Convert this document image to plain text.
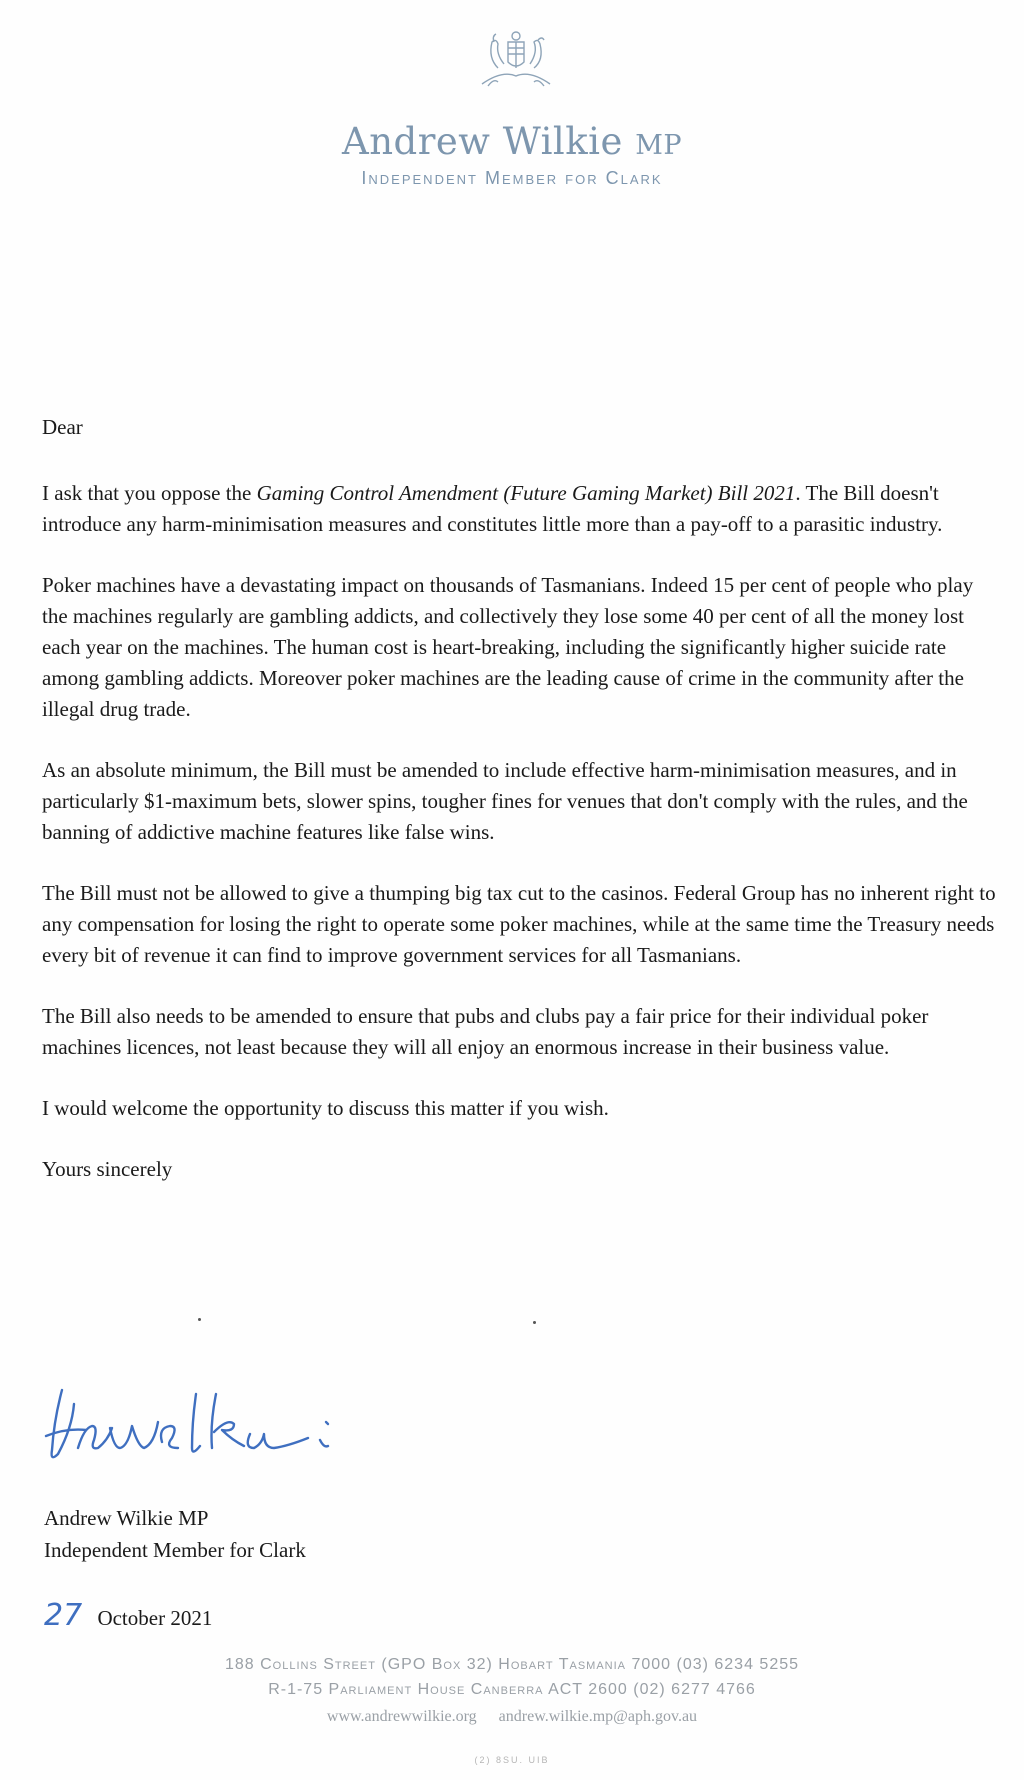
Andrew Wilkie MP
Independent Member for Clark

Dear

I ask that you oppose the Gaming Control Amendment (Future Gaming Market) Bill 2021. The Bill doesn't introduce any harm-minimisation measures and constitutes little more than a pay-off to a parasitic industry.

Poker machines have a devastating impact on thousands of Tasmanians. Indeed 15 per cent of people who play the machines regularly are gambling addicts, and collectively they lose some 40 per cent of all the money lost each year on the machines. The human cost is heart-breaking, including the significantly higher suicide rate among gambling addicts. Moreover poker machines are the leading cause of crime in the community after the illegal drug trade.

As an absolute minimum, the Bill must be amended to include effective harm-minimisation measures, and in particularly $1-maximum bets, slower spins, tougher fines for venues that don't comply with the rules, and the banning of addictive machine features like false wins.

The Bill must not be allowed to give a thumping big tax cut to the casinos. Federal Group has no inherent right to any compensation for losing the right to operate some poker machines, while at the same time the Treasury needs every bit of revenue it can find to improve government services for all Tasmanians.

The Bill also needs to be amended to ensure that pubs and clubs pay a fair price for their individual poker machines licences, not least because they will all enjoy an enormous increase in their business value.

I would welcome the opportunity to discuss this matter if you wish.

Yours sincerely

Andrew Wilkie MP
Independent Member for Clark
27 October 2021
188 Collins Street (GPO Box 32) Hobart Tasmania 7000 (03) 6234 5255
R-1-75 Parliament House Canberra ACT 2600 (02) 6277 4766
www.andrewwilkie.org andrew.wilkie.mp@aph.gov.au
(2) 8SU. UIB
